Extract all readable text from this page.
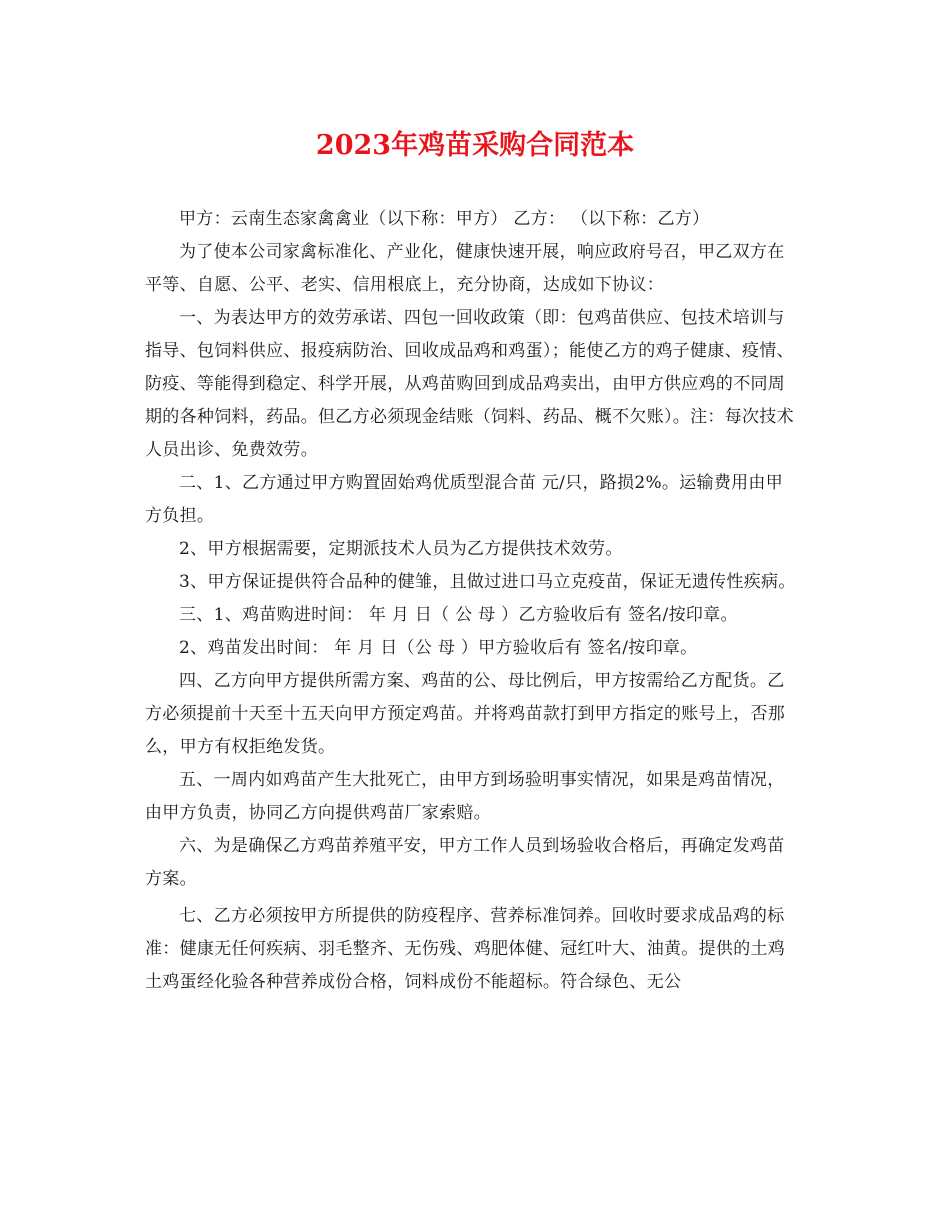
2023年鸡苗采购合同范本

甲方：云南生态家禽禽业（以下称：甲方） 乙方： （以下称：乙方）

为了使本公司家禽标准化、产业化，健康快速开展，响应政府号召，甲乙双方在平等、自愿、公平、老实、信用根底上，充分协商，达成如下协议：

一、为表达甲方的效劳承诺、四包一回收政策（即：包鸡苗供应、包技术培训与指导、包饲料供应、报疫病防治、回收成品鸡和鸡蛋）；能使乙方的鸡子健康、疫情、防疫、等能得到稳定、科学开展，从鸡苗购回到成品鸡卖出，由甲方供应鸡的不同周期的各种饲料，药品。但乙方必须现金结账（饲料、药品、概不欠账）。注：每次技术人员出诊、免费效劳。

二、1、乙方通过甲方购置固始鸡优质型混合苗 元/只，路损2%。运输费用由甲方负担。

2、甲方根据需要，定期派技术人员为乙方提供技术效劳。

3、甲方保证提供符合品种的健雏，且做过进口马立克疫苗，保证无遗传性疾病。

三、1、鸡苗购进时间： 年 月 日（ 公 母 ）乙方验收后有 签名/按印章。

2、鸡苗发出时间： 年 月 日（公 母 ）甲方验收后有 签名/按印章。

四、乙方向甲方提供所需方案、鸡苗的公、母比例后，甲方按需给乙方配货。乙方必须提前十天至十五天向甲方预定鸡苗。并将鸡苗款打到甲方指定的账号上，否那么，甲方有权拒绝发货。

五、一周内如鸡苗产生大批死亡，由甲方到场验明事实情况，如果是鸡苗情况，由甲方负责，协同乙方向提供鸡苗厂家索赔。

六、为是确保乙方鸡苗养殖平安，甲方工作人员到场验收合格后，再确定发鸡苗方案。

七、乙方必须按甲方所提供的防疫程序、营养标准饲养。回收时要求成品鸡的标准：健康无任何疾病、羽毛整齐、无伤残、鸡肥体健、冠红叶大、油黄。提供的土鸡土鸡蛋经化验各种营养成份合格，饲料成份不能超标。符合绿色、无公
